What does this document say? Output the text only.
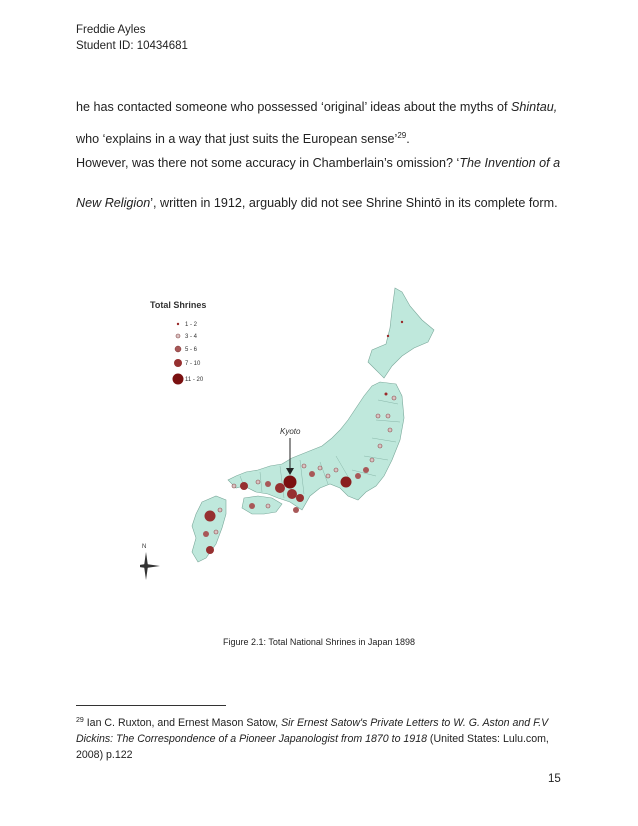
Freddie Ayles
Student ID: 10434681
he has contacted someone who possessed ‘original’ ideas about the myths of Shintau,
who ‘explains in a way that just suits the European sense’$^{29}$.
However, was there not some accuracy in Chamberlain’s omission? ‘The Invention of a
New Religion’, written in 1912, arguably did not see Shrine Shintō in its complete form.
Total Shrines
1 - 2
3 - 4
5 - 6
7 - 10
11 - 20
Kyoto
N
Figure 2.1: Total National Shrines in Japan 1898
$^{29}$ Ian C. Ruxton, and Ernest Mason Satow, Sir Ernest Satow's Private Letters to W. G. Aston and F.V Dickins: The Correspondence of a Pioneer Japanologist from 1870 to 1918 (United States: Lulu.com, 2008) p.122
15
